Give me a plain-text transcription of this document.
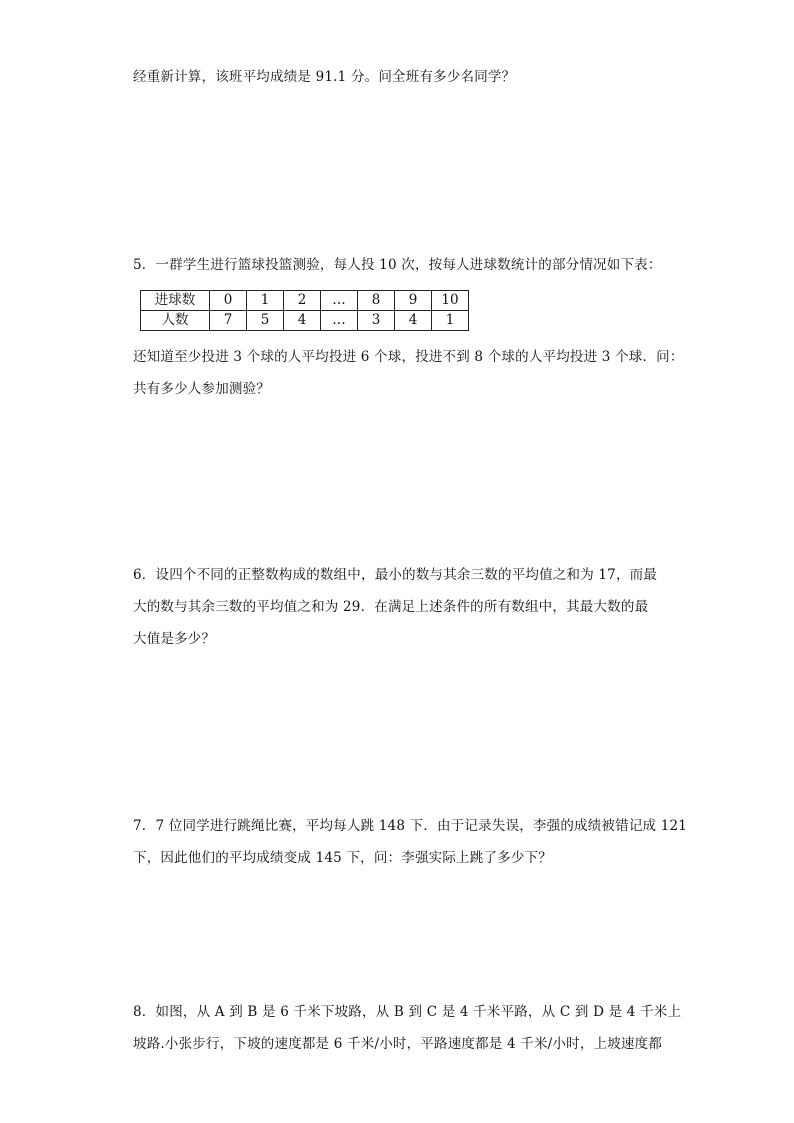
经重新计算，该班平均成绩是 91.1 分。问全班有多少名同学？
5．一群学生进行篮球投篮测验，每人投 10 次，按每人进球数统计的部分情况如下表：
进球数	0	1	2	…	8	9	10
人数	7	5	4	…	3	4	1
还知道至少投进 3 个球的人平均投进 6 个球，投进不到 8 个球的人平均投进 3 个球．问：
共有多少人参加测验？
6．设四个不同的正整数构成的数组中，最小的数与其余三数的平均值之和为 17，而最
大的数与其余三数的平均值之和为 29．在满足上述条件的所有数组中，其最大数的最
大值是多少？
7．7 位同学进行跳绳比赛，平均每人跳 148 下．由于记录失误，李强的成绩被错记成 121
下，因此他们的平均成绩变成 145 下，问：李强实际上跳了多少下？
8．如图，从 A 到 B 是 6 千米下坡路，从 B 到 C 是 4 千米平路，从 C 到 D 是 4 千米上
坡路.小张步行，下坡的速度都是 6 千米/小时，平路速度都是 4 千米/小时，上坡速度都
